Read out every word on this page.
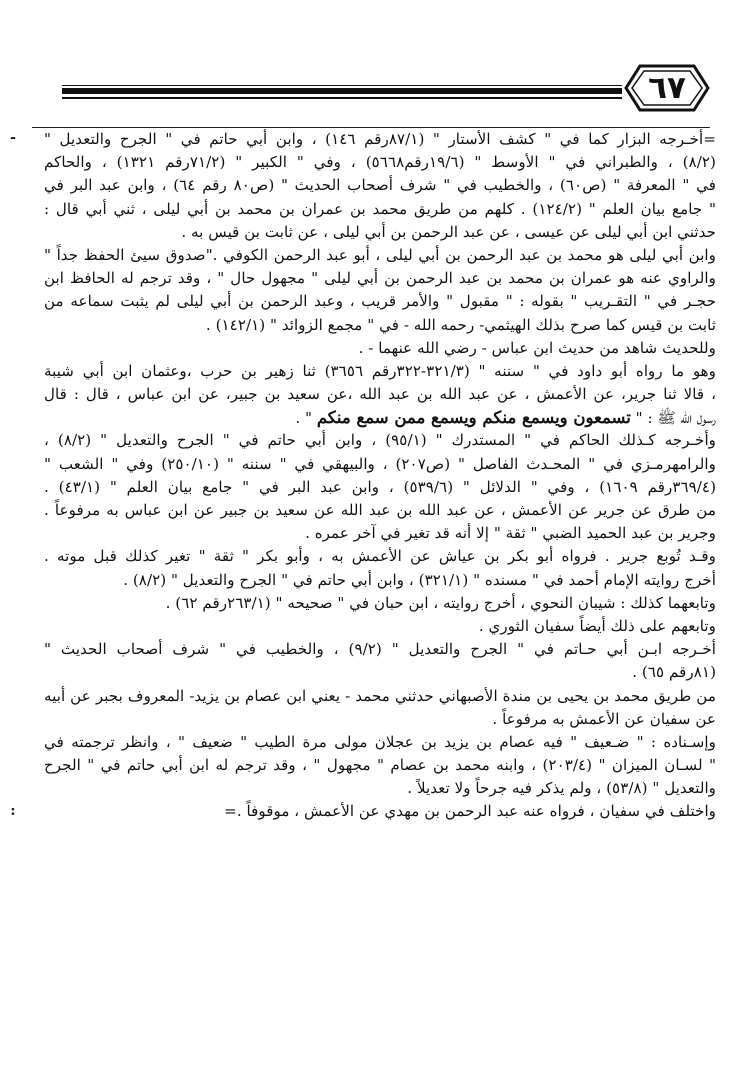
٦٧
=أخـرجه البزار كما في " كشف الأستار " (٨٧/١رقم ١٤٦) ، وابن أبي حاتم في " الجرح والتعديل "
(٨/٢) ، والطبراني في " الأوسط " (١٩/٦رقم٥٦٦٨) ، وفي " الكبير " (٧١/٢رقم ١٣٢١) ، والحاكم
في " المعرفة " (ص٦٠) ، والخطيب في " شرف أصحاب الحديث " (ص٨٠ رقم ٦٤) ، وابن عبد البر في
" جامع بيان العلم " (١٢٤/٢) . كلهم من طريق محمد بن عمران بن محمد بن أبي ليلى ، ثني أبي قال :
حدثني ابن أبي ليلى عن عيسى ، عن عبد الرحمن بن أبي ليلى ، عن ثابت بن قيس به .
وابن أبي ليلى هو محمد بن عبد الرحمن بن أبي ليلى ، أبو عبد الرحمن الكوفي ."صدوق سيئ الحفظ جداً "
والراوي عنه هو عمران بن محمد بن عبد الرحمن بن أبي ليلى " مجهول حال " ، وقد ترجم له الحافظ ابن
حجـر في " التقـريب " بقوله : " مقبول " والأمر قريب ، وعبد الرحمن بن أبي ليلى لم يثبت سماعه من
ثابت بن قيس كما صرح بذلك الهيثمي- رحمه الله - في " مجمع الزوائد " (١٤٢/١) .
وللحديث شاهد من حديث ابن عباس - رضي الله عنهما - .
وهو ما رواه أبو داود في " سننه " (٣٢١/٣-٣٢٢رقم ٣٦٥٦) ثنا زهير بن حرب ،وعثمان ابن أبي شيبة
، قالا ثنا جرير، عن الأعمش ، عن عبد الله بن عبد الله ،عن سعيد بن جبير، عن ابن عباس ، قال : قال
رسول الله ﷺ : " تسمعون ويسمع منكم ويسمع ممن سمع منكم " .
وأخـرجه كـذلك الحاكم في " المستدرك " (٩٥/١) ، وابن أبي حاتم في " الجرح والتعديل " (٨/٢) ،
والرامهرمـزي في " المحـدث الفاصل " (ص٢٠٧) ، والبيهقي في " سننه " (٢٥٠/١٠) وفي " الشعب "
(٣٦٩/٤رقم ١٦٠٩) ، وفي " الدلائل " (٥٣٩/٦) ، وابن عبد البر في " جامع بيان العلم " (٤٣/١) .
من طرق عن جرير عن الأعمش ، عن عبد الله بن عبد الله عن سعيد بن جبير عن ابن عباس به مرفوعاً .
وجرير بن عبد الحميد الضبي " ثقة " إلا أنه قد تغير في آخر عمره .
وقـد تُوبع جرير . فرواه أبو بكر بن عياش عن الأعمش به ، وأبو بكر " ثقة " تغير كذلك قبل موته .
أخرج روايته الإمام أحمد في " مسنده " (٣٢١/١) ، وابن أبي حاتم في " الجرح والتعديل " (٨/٢) .
وتابعهما كذلك : شيبان النحوي ، أخرج روايته ، ابن حبان في " صحيحه " (٢٦٣/١رقم ٦٢) .
وتابعهم على ذلك أيضاً سفيان الثوري .
أخـرجه ابـن أبي حـاتم في " الجرح والتعديل " (٩/٢) ، والخطيب في " شرف أصحاب الحديث "
(٨١رقم ٦٥) .
من طريق محمد بن يحيى بن مندة الأصبهاني حدثني محمد - يعني ابن عصام بن يزيد- المعروف بجبر عن أبيه
عن سفيان عن الأعمش به مرفوعاً .
وإسـناده : " ضـعيف " فيه عصام بن يزيد بن عجلان مولى مرة الطيب " ضعيف " ، وانظر ترجمته في
" لسـان الميزان " (٢٠٣/٤) ، وابنه محمد بن عصام " مجهول " ، وقد ترجم له ابن أبي حاتم في " الجرح
والتعديل " (٥٣/٨) ، ولم يذكر فيه جرحاً ولا تعديلاً .
واختلف في سفيان ، فرواه عنه عبد الرحمن بن مهدي عن الأعمش ، موقوفاً .=
-
:
